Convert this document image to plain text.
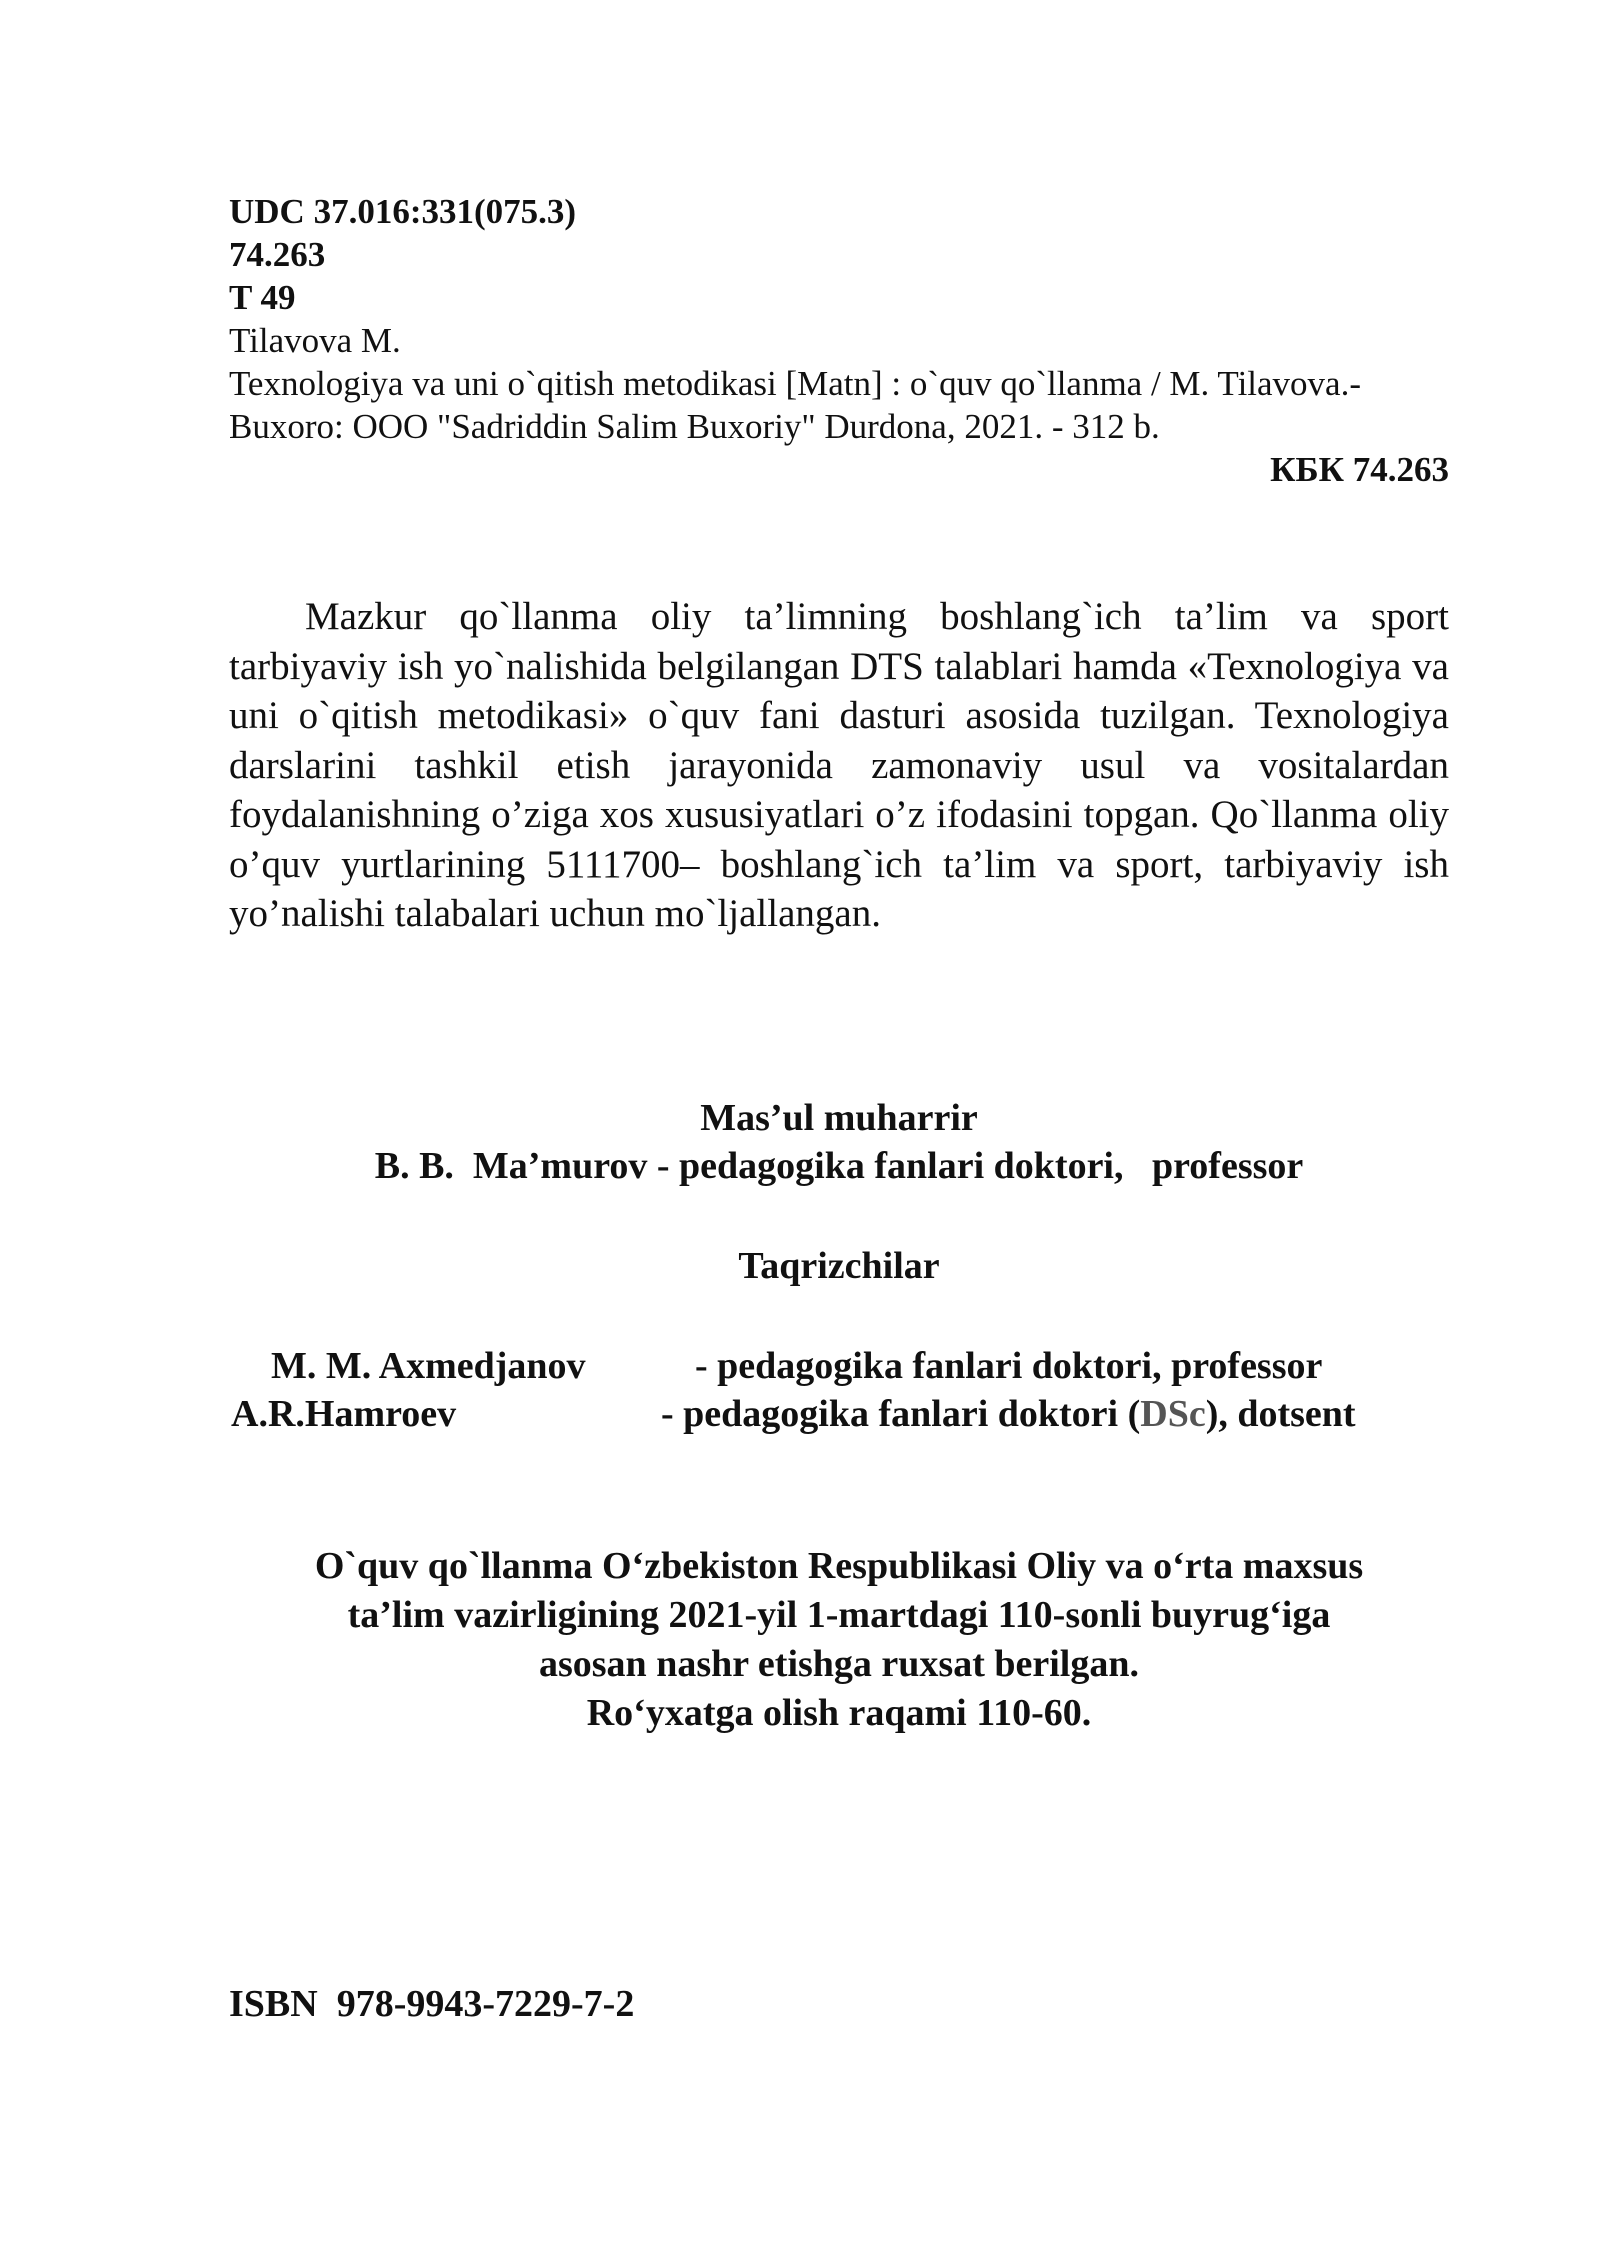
UDC 37.016:331(075.3)
74.263
T 49
Tilavova M.
Texnologiya va uni o`qitish metodikasi [Matn] : o`quv qo`llanma / M. Tilavova.- Buxoro: OOO "Sadriddin Salim Buxoriy" Durdona, 2021. - 312 b.
КБК 74.263

Mazkur qo`llanma oliy ta’limning boshlang`ich ta’lim va sport tarbiyaviy ish yo`nalishida belgilangan DTS talablari hamda «Texnologiya va uni o`qitish metodikasi» o`quv fani dasturi asosida tuzilgan. Texnologiya darslarini tashkil etish jarayonida zamonaviy usul va vositalardan foydalanishning o’ziga xos xususiyatlari o’z ifodasini topgan. Qo`llanma oliy o’quv yurtlarining 5111700– boshlang`ich ta’lim va sport, tarbiyaviy ish yo’nalishi talabalari uchun mo`ljallangan.

Mas’ul muharrir
B. B.  Ma’murov - pedagogika fanlari doktori,   professor
Taqrizchilar
M. M. Axmedjanov	- pedagogika fanlari doktori, professor
A.R.Hamroev	- pedagogika fanlari doktori (DSc), dotsent
O`quv qo`llanma O‘zbekiston Respublikasi Oliy va o‘rta maxsus
ta’lim vazirligining 2021-yil 1-martdagi 110-sonli buyrug‘iga
asosan nashr etishga ruxsat berilgan.
Ro‘yxatga olish raqami 110-60.
ISBN  978-9943-7229-7-2
